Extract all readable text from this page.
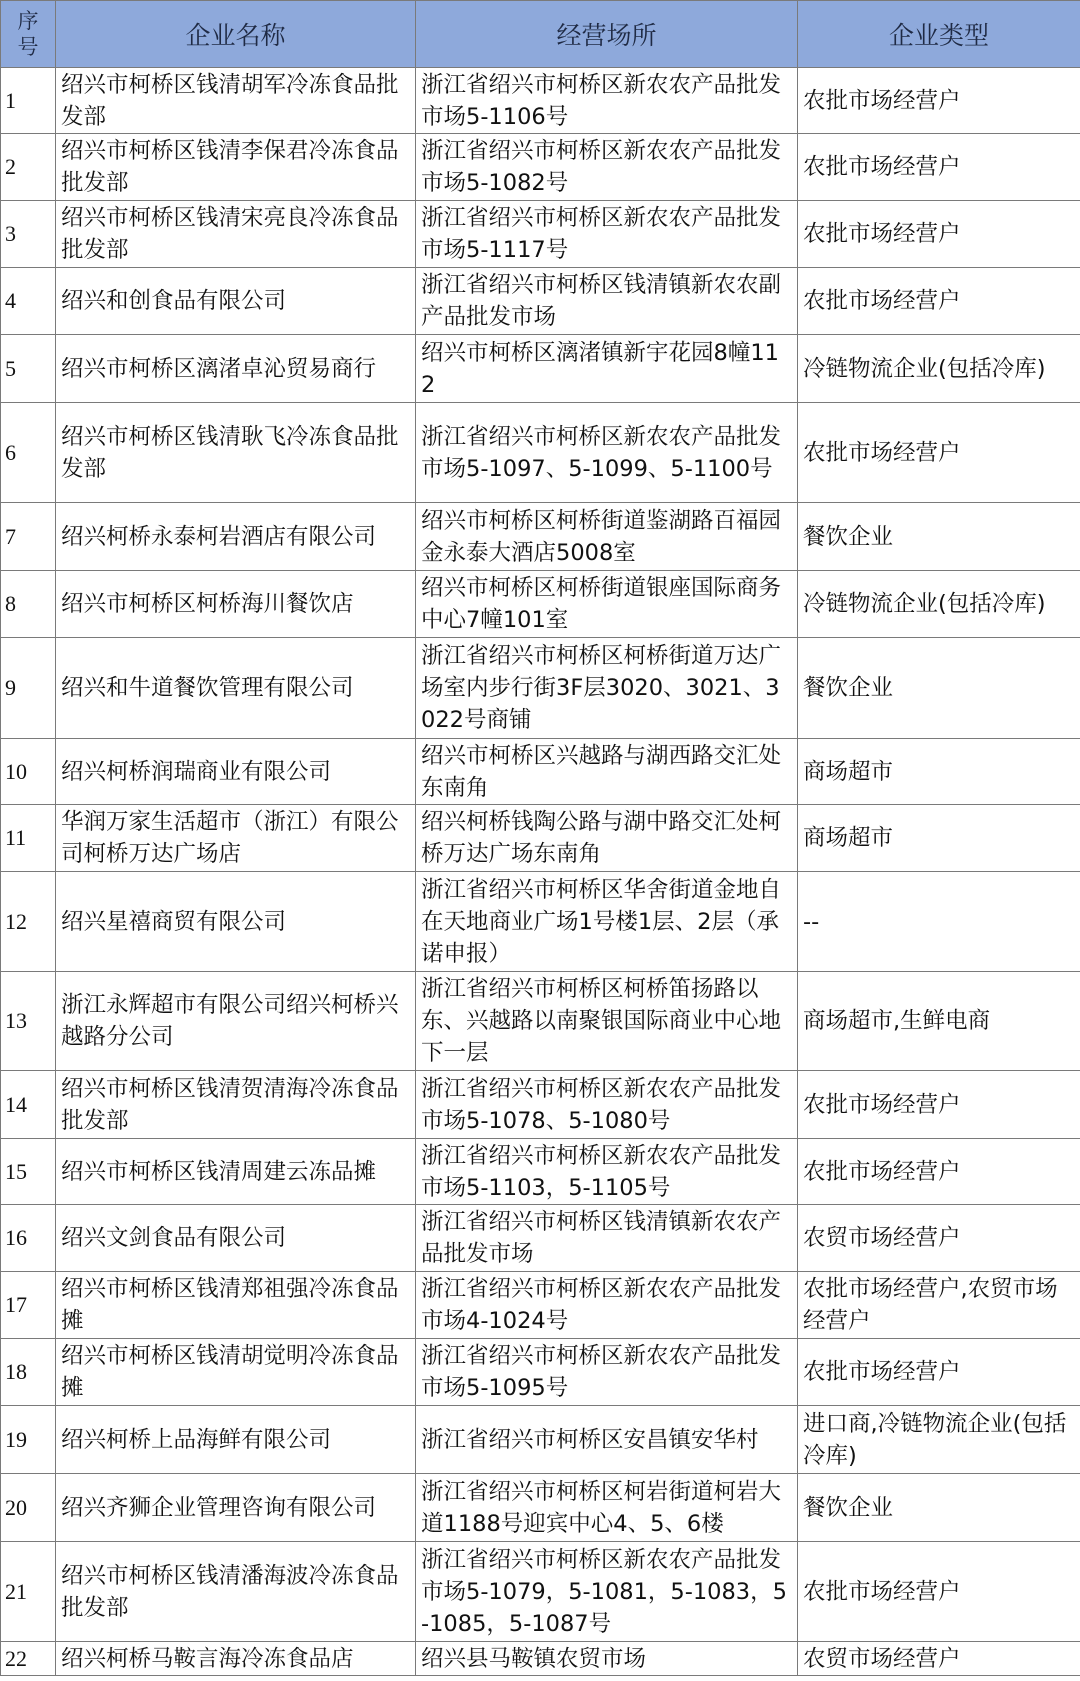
序号	企业名称	经营场所	企业类型
1	绍兴市柯桥区钱清胡军冷冻食品批发部	浙江省绍兴市柯桥区新农农产品批发市场5-1106号	农批市场经营户
2	绍兴市柯桥区钱清李保君冷冻食品批发部	浙江省绍兴市柯桥区新农农产品批发市场5-1082号	农批市场经营户
3	绍兴市柯桥区钱清宋亮良冷冻食品批发部	浙江省绍兴市柯桥区新农农产品批发市场5-1117号	农批市场经营户
4	绍兴和创食品有限公司	浙江省绍兴市柯桥区钱清镇新农农副产品批发市场	农批市场经营户
5	绍兴市柯桥区漓渚卓沁贸易商行	绍兴市柯桥区漓渚镇新宇花园8幢112	冷链物流企业(包括冷库)
6	绍兴市柯桥区钱清耿飞冷冻食品批发部	浙江省绍兴市柯桥区新农农产品批发市场5-1097、5-1099、5-1100号	农批市场经营户
7	绍兴柯桥永泰柯岩酒店有限公司	绍兴市柯桥区柯桥街道鉴湖路百福园金永泰大酒店5008室	餐饮企业
8	绍兴市柯桥区柯桥海川餐饮店	绍兴市柯桥区柯桥街道银座国际商务中心7幢101室	冷链物流企业(包括冷库)
9	绍兴和牛道餐饮管理有限公司	浙江省绍兴市柯桥区柯桥街道万达广场室内步行街3F层3020、3021、3022号商铺	餐饮企业
10	绍兴柯桥润瑞商业有限公司	绍兴市柯桥区兴越路与湖西路交汇处东南角	商场超市
11	华润万家生活超市（浙江）有限公司柯桥万达广场店	绍兴柯桥钱陶公路与湖中路交汇处柯桥万达广场东南角	商场超市
12	绍兴星禧商贸有限公司	浙江省绍兴市柯桥区华舍街道金地自在天地商业广场1号楼1层、2层（承诺申报）	--
13	浙江永辉超市有限公司绍兴柯桥兴越路分公司	浙江省绍兴市柯桥区柯桥笛扬路以东、兴越路以南聚银国际商业中心地下一层	商场超市,生鲜电商
14	绍兴市柯桥区钱清贺清海冷冻食品批发部	浙江省绍兴市柯桥区新农农产品批发市场5-1078、5-1080号	农批市场经营户
15	绍兴市柯桥区钱清周建云冻品摊	浙江省绍兴市柯桥区新农农产品批发市场5-1103，5-1105号	农批市场经营户
16	绍兴文剑食品有限公司	浙江省绍兴市柯桥区钱清镇新农农产品批发市场	农贸市场经营户
17	绍兴市柯桥区钱清郑祖强冷冻食品摊	浙江省绍兴市柯桥区新农农产品批发市场4-1024号	农批市场经营户,农贸市场经营户
18	绍兴市柯桥区钱清胡觉明冷冻食品摊	浙江省绍兴市柯桥区新农农产品批发市场5-1095号	农批市场经营户
19	绍兴柯桥上品海鲜有限公司	浙江省绍兴市柯桥区安昌镇安华村	进口商,冷链物流企业(包括冷库)
20	绍兴齐狮企业管理咨询有限公司	浙江省绍兴市柯桥区柯岩街道柯岩大道1188号迎宾中心4、5、6楼	餐饮企业
21	绍兴市柯桥区钱清潘海波冷冻食品批发部	浙江省绍兴市柯桥区新农农产品批发市场5-1079，5-1081，5-1083，5-1085，5-1087号	农批市场经营户
22	绍兴柯桥马鞍言海冷冻食品店	绍兴县马鞍镇农贸市场	农贸市场经营户
